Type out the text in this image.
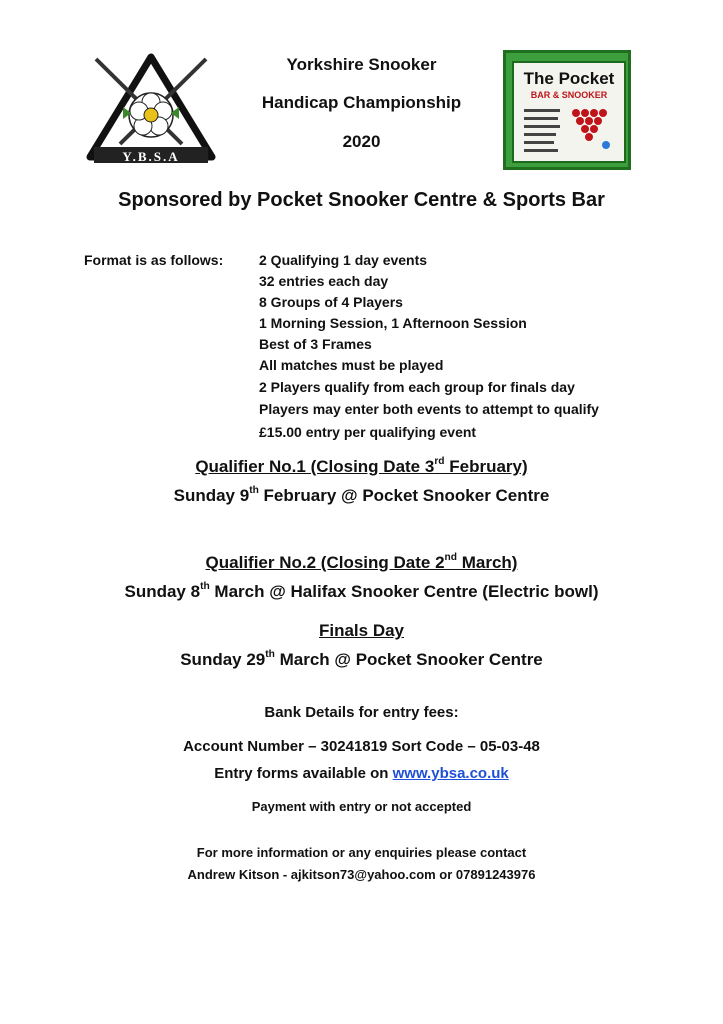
Y.B.S.A
Yorkshire Snooker
Handicap Championship
2020
The Pocket
BAR & SNOOKER
Sponsored by Pocket Snooker Centre & Sports Bar
Format is as follows:	2 Qualifying 1 day events
32 entries each day
8 Groups of 4 Players
1 Morning Session, 1 Afternoon Session
Best of 3 Frames
All matches must be played
2 Players qualify from each group for finals day
Players may enter both events to attempt to qualify
£15.00 entry per qualifying event
Qualifier No.1 (Closing Date 3rd February)
Sunday 9th February @ Pocket Snooker Centre
Qualifier No.2 (Closing Date 2nd March)
Sunday 8th March @ Halifax Snooker Centre (Electric bowl)
Finals Day
Sunday 29th March @ Pocket Snooker Centre
Bank Details for entry fees:
Account Number – 30241819 Sort Code – 05-03-48
Entry forms available on www.ybsa.co.uk
Payment with entry or not accepted
For more information or any enquiries please contact
Andrew Kitson - ajkitson73@yahoo.com or 07891243976
